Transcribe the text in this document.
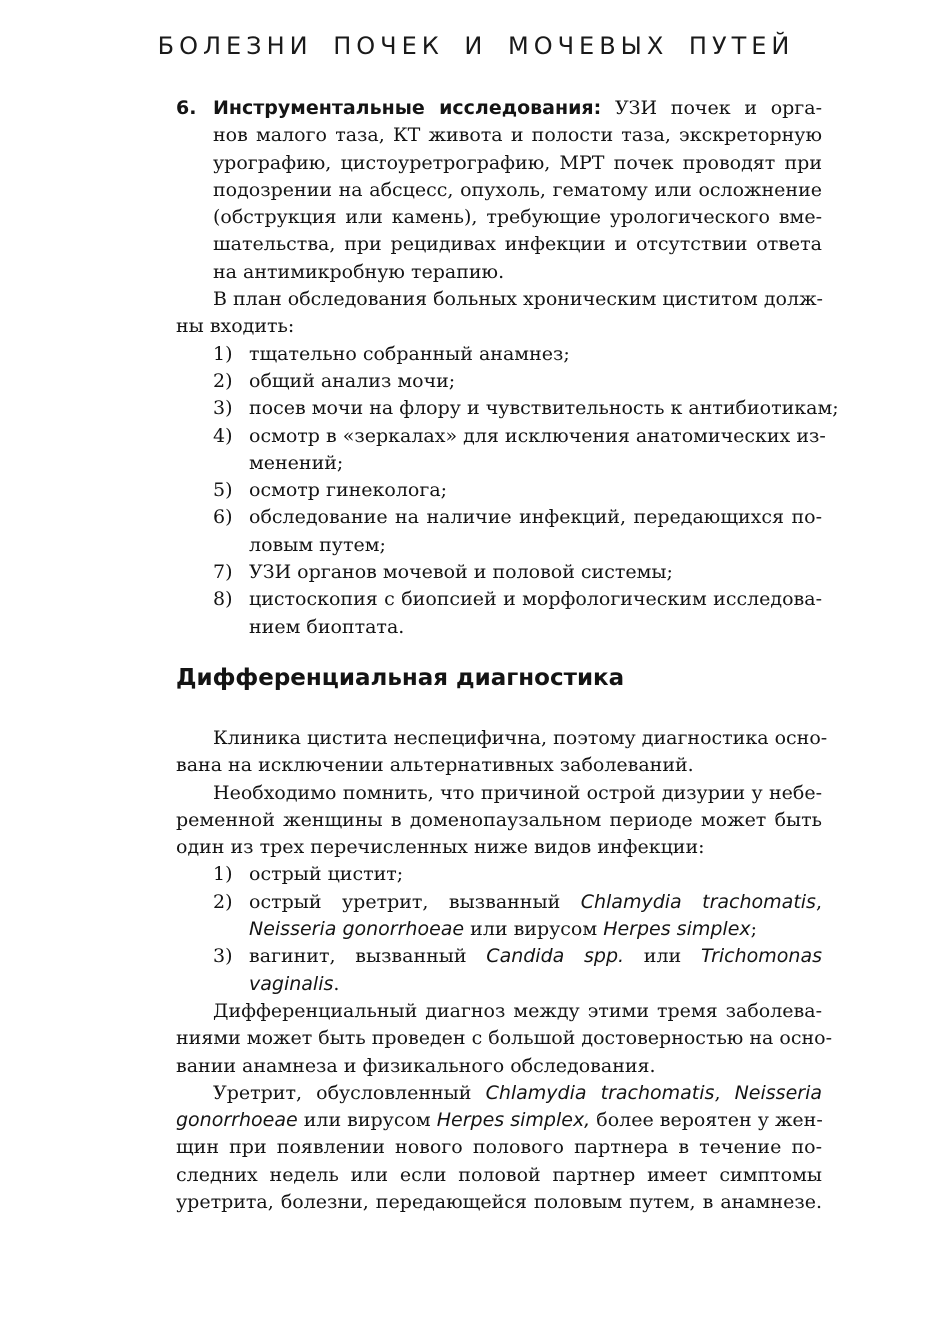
БОЛЕЗНИ ПОЧЕК И МОЧЕВЫХ ПУТЕЙ
6. Инструментальные исследования: УЗИ почек и орга-
нов малого таза, КТ живота и полости таза, экскреторную
урографию, цистоуретрографию, МРТ почек проводят при
подозрении на абсцесс, опухоль, гематому или осложнение
(обструкция или камень), требующие урологического вме-
шательства, при рецидивах инфекции и отсутствии ответа
на антимикробную терапию.
В план обследования больных хроническим циститом долж-
ны входить:
1) тщательно собранный анамнез;
2) общий анализ мочи;
3) посев мочи на флору и чувствительность к антибиотикам;
4) осмотр в «зеркалах» для исключения анатомических из-
менений;
5) осмотр гинеколога;
6) обследование на наличие инфекций, передающихся по-
ловым путем;
7) УЗИ органов мочевой и половой системы;
8) цистоскопия с биопсией и морфологическим исследова-
нием биоптата.
Дифференциальная диагностика
Клиника цистита неспецифична, поэтому диагностика осно-
вана на исключении альтернативных заболеваний.
Необходимо помнить, что причиной острой дизурии у небе-
ременной женщины в доменопаузальном периоде может быть
один из трех перечисленных ниже видов инфекции:
1) острый цистит;
2) острый уретрит, вызванный Chlamydia trachomatis,
Neisseria gonorrhoeae или вирусом Herpes simplex;
3) вагинит, вызванный Candida spp. или Trichomonas
vaginalis.
Дифференциальный диагноз между этими тремя заболева-
ниями может быть проведен с большой достоверностью на осно-
вании анамнеза и физикального обследования.
Уретрит, обусловленный Chlamydia trachomatis, Neisseria
gonorrhoeae или вирусом Herpes simplex, более вероятен у жен-
щин при появлении нового полового партнера в течение по-
следних недель или если половой партнер имеет симптомы
уретрита, болезни, передающейся половым путем, в анамнезе.
